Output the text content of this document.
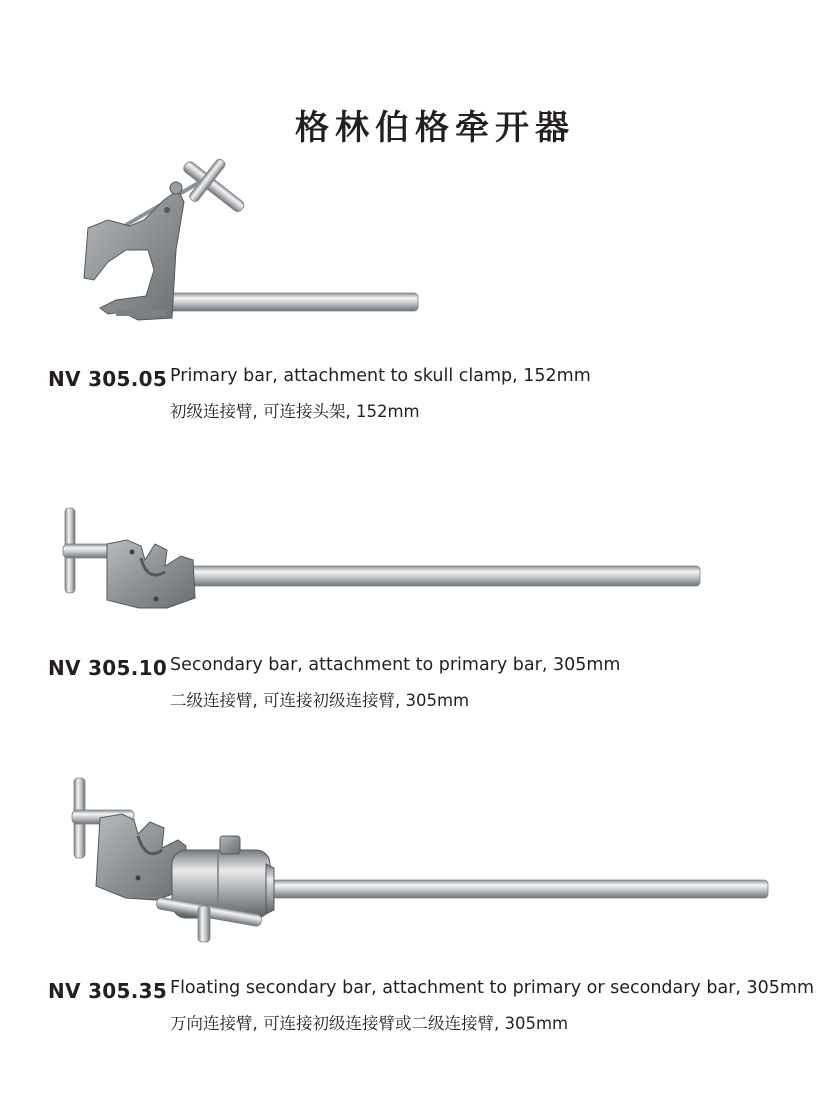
格林伯格牵开器
NV 305.05 Primary bar, attachment to skull clamp, 152mm
初级连接臂, 可连接头架, 152mm
NV 305.10 Secondary bar, attachment to primary bar, 305mm
二级连接臂, 可连接初级连接臂, 305mm
NV 305.35 Floating secondary bar, attachment to primary or secondary bar, 305mm
万向连接臂, 可连接初级连接臂或二级连接臂, 305mm
